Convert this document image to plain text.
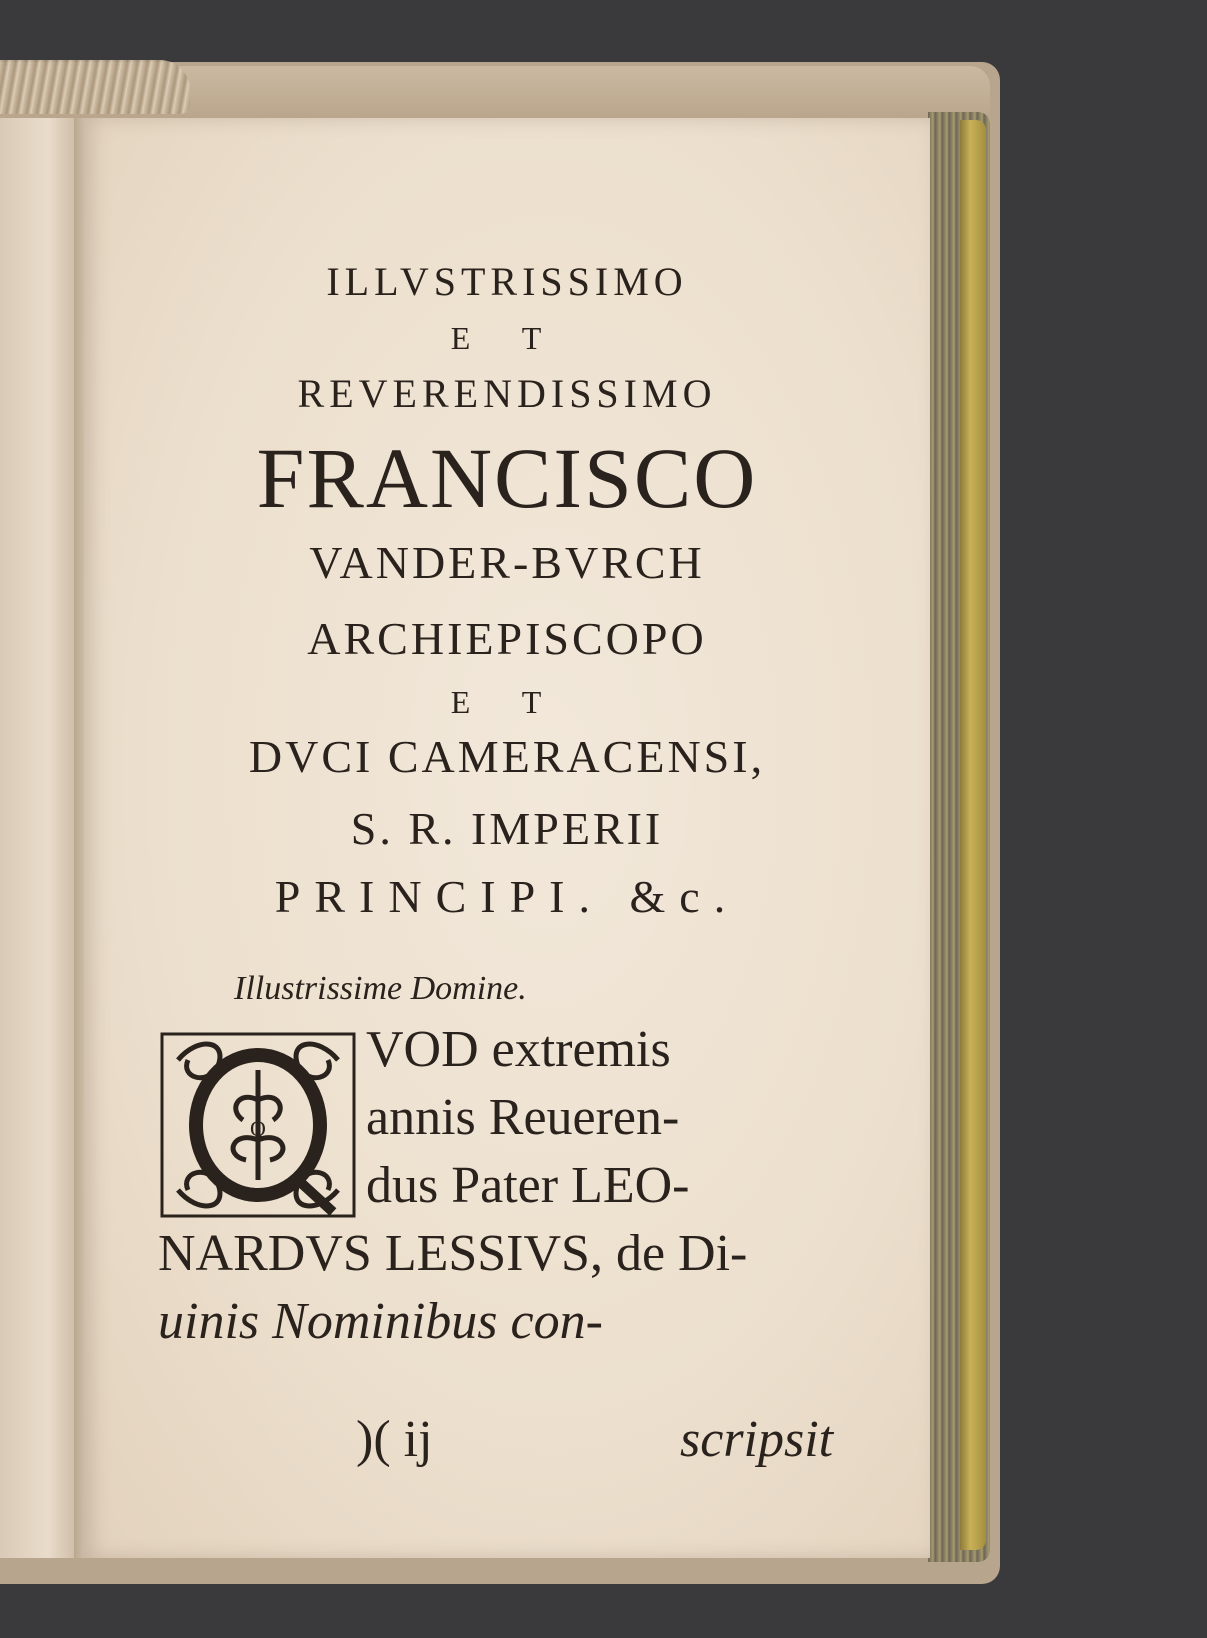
ILLVSTRISSIMO
E T
REVERENDISSIMO
FRANCISCO
VANDER-BVRCH
ARCHIEPISCOPO
E T
DVCI CAMERACENSI,
S. R. IMPERII
PRINCIPI. &c.
Illustrissime Domine.
Q
VOD extremis
annis Reueren-
dus Pater LEO-
NARDVS LESSIVS, de Di-
uinis Nominibus con-
)( ij	scripsit
